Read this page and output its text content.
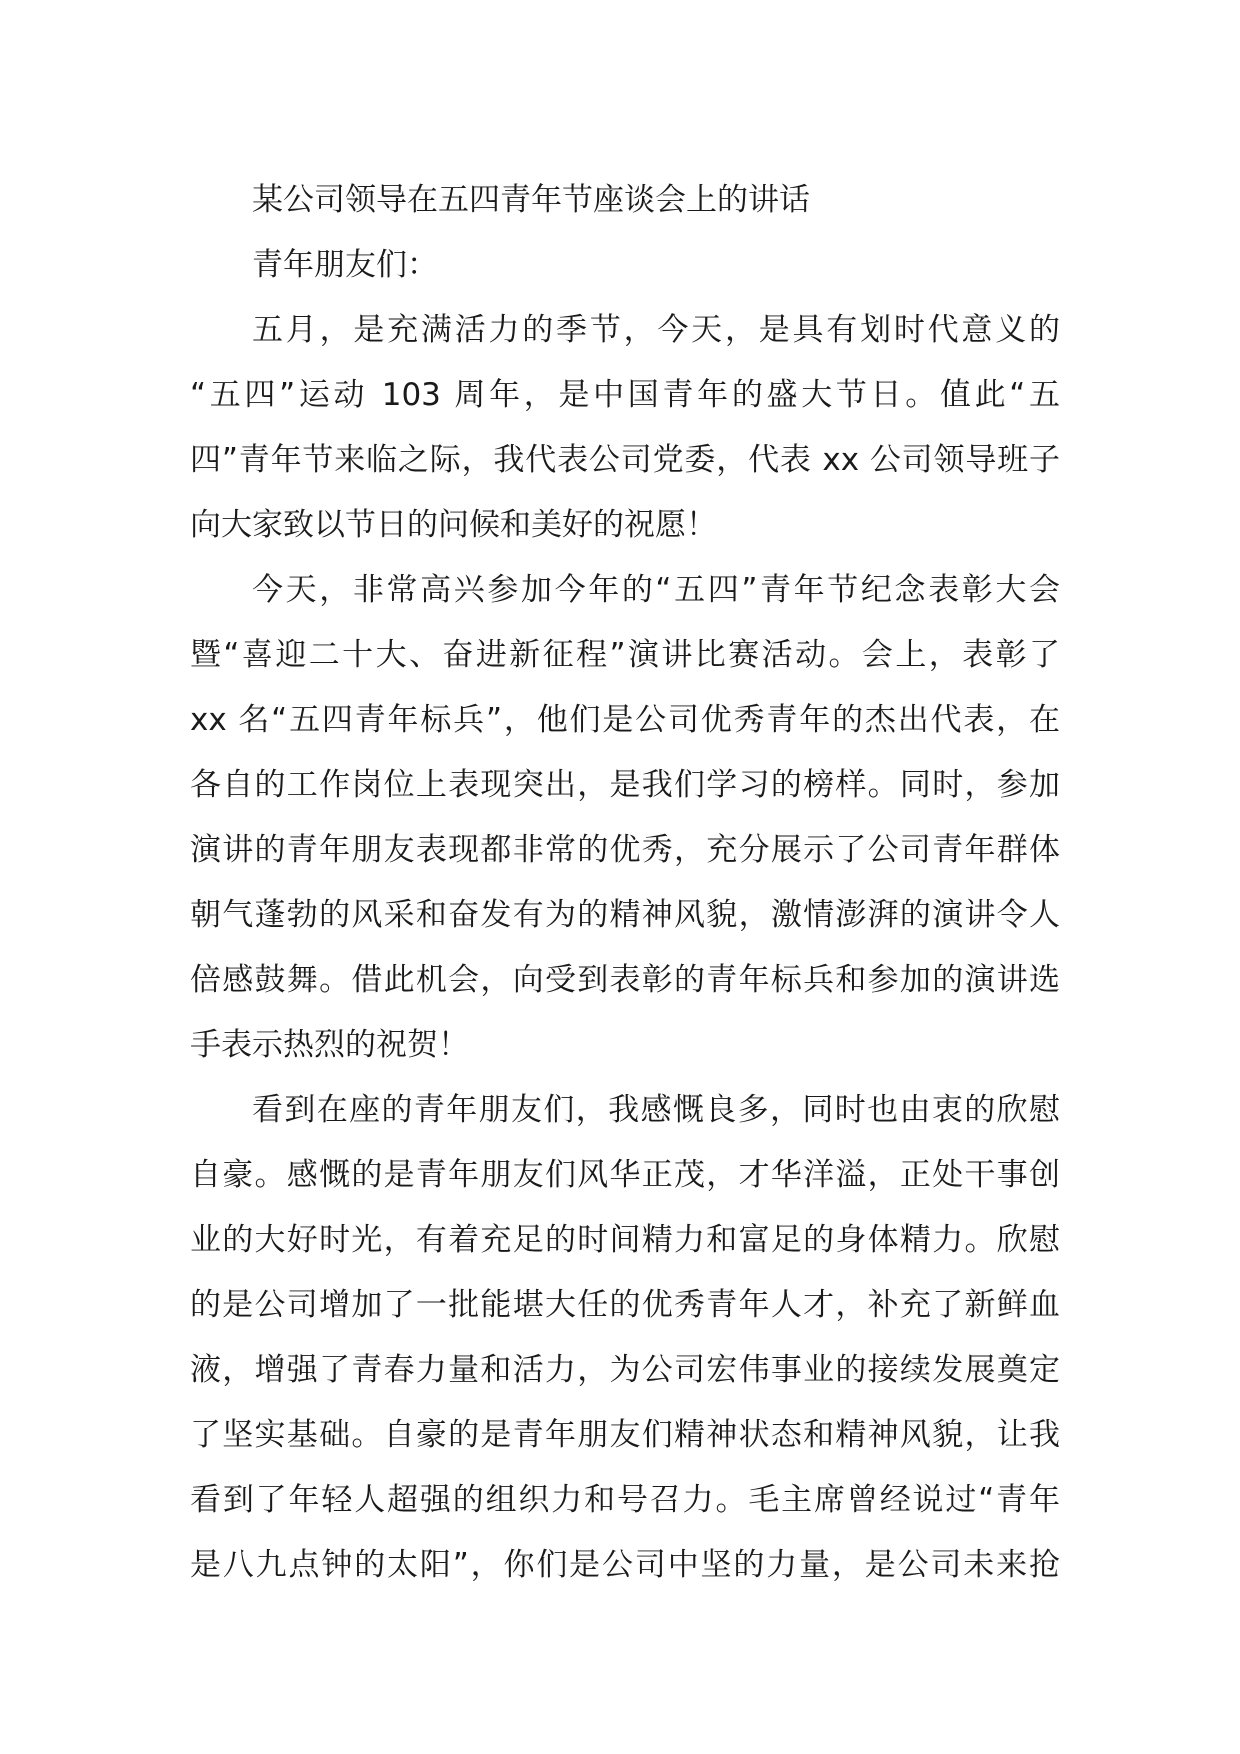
某公司领导在五四青年节座谈会上的讲话
青年朋友们：
五月，是充满活力的季节，今天，是具有划时代意义的
“五四”运动 103 周年，是中国青年的盛大节日。值此“五
四”青年节来临之际，我代表公司党委，代表 xx 公司领导班子
向大家致以节日的问候和美好的祝愿！
今天，非常高兴参加今年的“五四”青年节纪念表彰大会
暨“喜迎二十大、奋进新征程”演讲比赛活动。会上，表彰了
xx 名“五四青年标兵”，他们是公司优秀青年的杰出代表，在
各自的工作岗位上表现突出，是我们学习的榜样。同时，参加
演讲的青年朋友表现都非常的优秀，充分展示了公司青年群体
朝气蓬勃的风采和奋发有为的精神风貌，激情澎湃的演讲令人
倍感鼓舞。借此机会，向受到表彰的青年标兵和参加的演讲选
手表示热烈的祝贺！
看到在座的青年朋友们，我感慨良多，同时也由衷的欣慰
自豪。感慨的是青年朋友们风华正茂，才华洋溢，正处干事创
业的大好时光，有着充足的时间精力和富足的身体精力。欣慰
的是公司增加了一批能堪大任的优秀青年人才，补充了新鲜血
液，增强了青春力量和活力，为公司宏伟事业的接续发展奠定
了坚实基础。自豪的是青年朋友们精神状态和精神风貌，让我
看到了年轻人超强的组织力和号召力。毛主席曾经说过“青年
是八九点钟的太阳”，你们是公司中坚的力量，是公司未来抢
